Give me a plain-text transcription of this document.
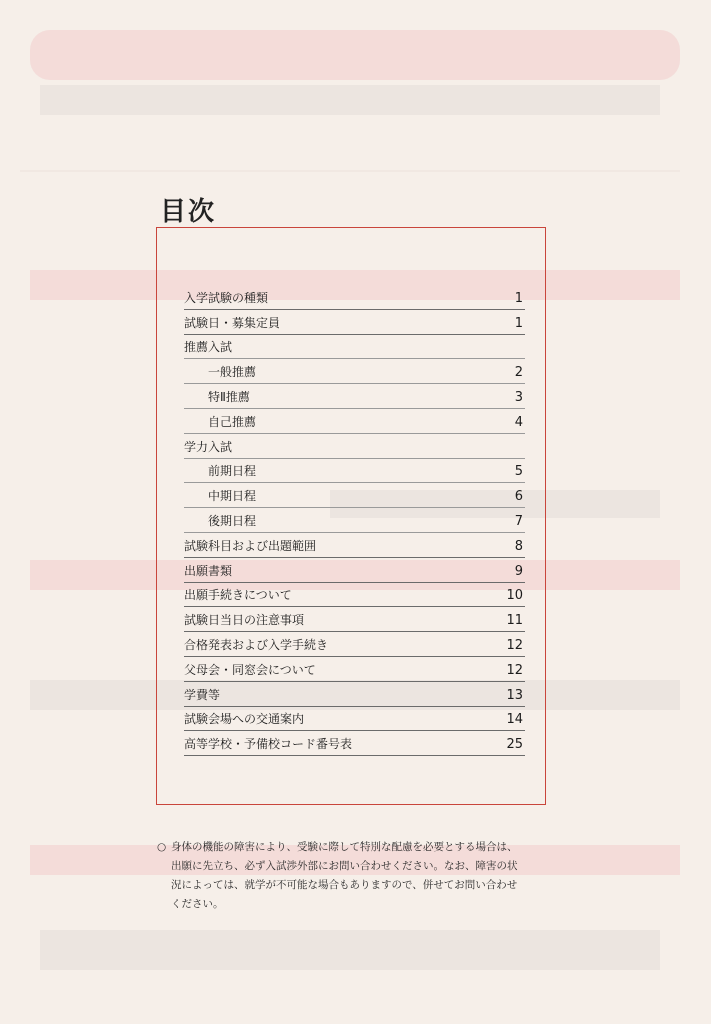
目次
入学試験の種類	1
試験日・募集定員	1
推薦入試
一般推薦	2
特Ⅱ推薦	3
自己推薦	4
学力入試
前期日程	5
中期日程	6
後期日程	7
試験科目および出題範囲	8
出願書類	9
出願手続きについて	10
試験日当日の注意事項	11
合格発表および入学手続き	12
父母会・同窓会について	12
学費等	13
試験会場への交通案内	14
高等学校・予備校コード番号表	25
○ 身体の機能の障害により、受験に際して特別な配慮を必要とする場合は、
出願に先立ち、必ず入試渉外部にお問い合わせください。なお、障害の状
況によっては、就学が不可能な場合もありますので、併せてお問い合わせ
ください。
